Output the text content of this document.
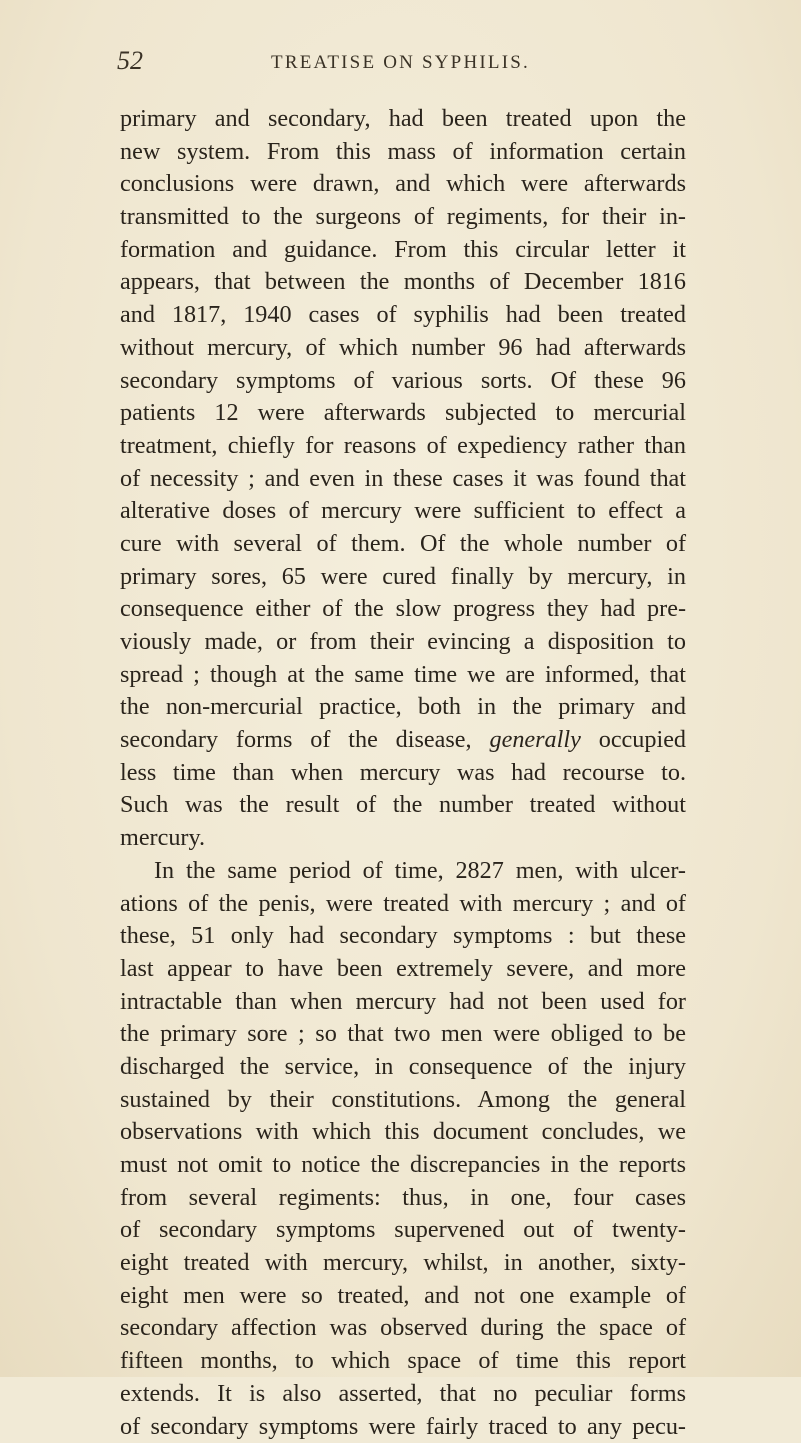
52	TREATISE ON SYPHILIS.
primary and secondary, had been treated upon the
new system. From this mass of information certain
conclusions were drawn, and which were afterwards
transmitted to the surgeons of regiments, for their in-
formation and guidance. From this circular letter it
appears, that between the months of December 1816
and 1817, 1940 cases of syphilis had been treated
without mercury, of which number 96 had afterwards
secondary symptoms of various sorts. Of these 96
patients 12 were afterwards subjected to mercurial
treatment, chiefly for reasons of expediency rather than
of necessity ; and even in these cases it was found that
alterative doses of mercury were sufficient to effect a
cure with several of them. Of the whole number of
primary sores, 65 were cured finally by mercury, in
consequence either of the slow progress they had pre-
viously made, or from their evincing a disposition to
spread ; though at the same time we are informed, that
the non-mercurial practice, both in the primary and
secondary forms of the disease, generally occupied
less time than when mercury was had recourse to.
Such was the result of the number treated without
mercury.
In the same period of time, 2827 men, with ulcer-
ations of the penis, were treated with mercury ; and of
these, 51 only had secondary symptoms : but these
last appear to have been extremely severe, and more
intractable than when mercury had not been used for
the primary sore ; so that two men were obliged to be
discharged the service, in consequence of the injury
sustained by their constitutions. Among the general
observations with which this document concludes, we
must not omit to notice the discrepancies in the reports
from several regiments: thus, in one, four cases
of secondary symptoms supervened out of twenty-
eight treated with mercury, whilst, in another, sixty-
eight men were so treated, and not one example of
secondary affection was observed during the space of
fifteen months, to which space of time this report
extends. It is also asserted, that no peculiar forms
of secondary symptoms were fairly traced to any pecu-
